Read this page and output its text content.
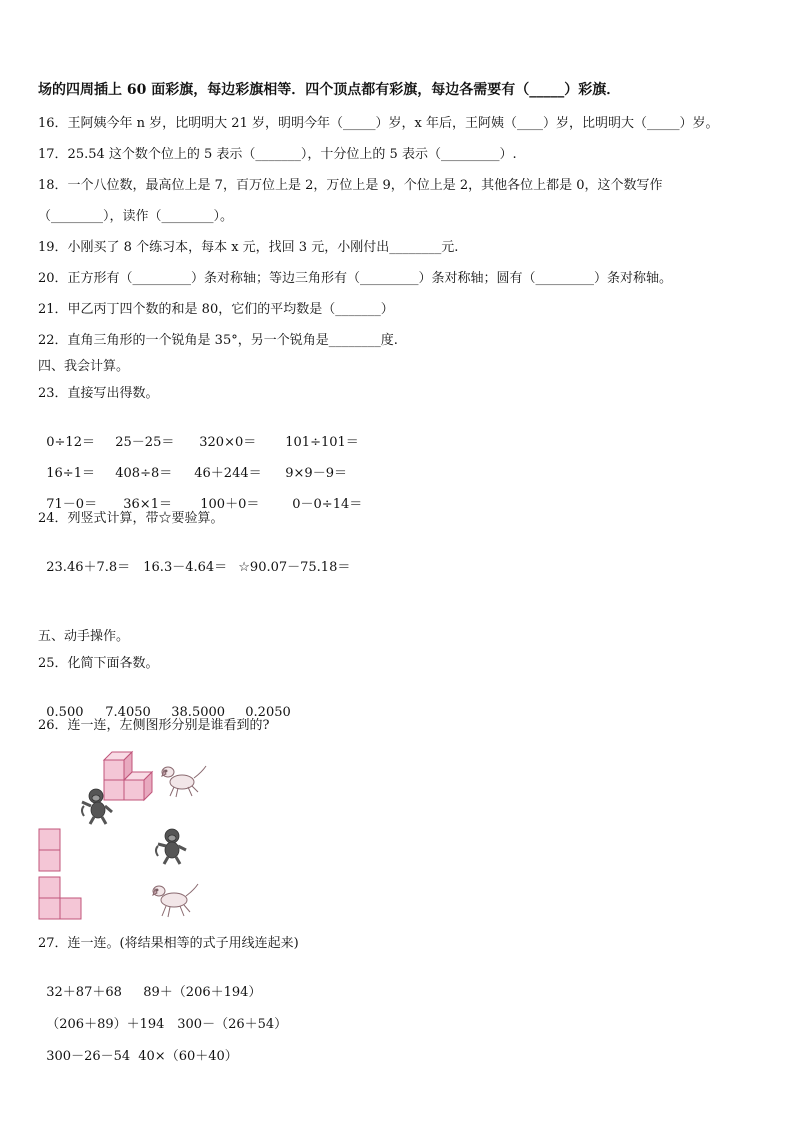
场的四周插上 60 面彩旗，每边彩旗相等．四个顶点都有彩旗，每边各需要有（_____）彩旗．

16．王阿姨今年 n 岁，比明明大 21 岁，明明今年（_____）岁，x 年后，王阿姨（____）岁，比明明大（_____）岁。

17．25.54 这个数个位上的 5 表示（_______），十分位上的 5 表示（_________）.

18．一个八位数，最高位上是 7，百万位上是 2，万位上是 9，个位上是 2，其他各位上都是 0，这个数写作

（________），读作（________）。

19．小刚买了 8 个练习本，每本 x 元，找回 3 元，小刚付出________元.

20．正方形有（_________）条对称轴；等边三角形有（_________）条对称轴；圆有（_________）条对称轴。

21．甲乙丙丁四个数的和是 80，它们的平均数是（_______）

22．直角三角形的一个锐角是 35°，另一个锐角是________度.

四、我会计算。

23．直接写出得数。

0÷12＝ 25－25＝ 320×0＝ 101÷101＝

16÷1＝ 408÷8＝ 46＋244＝ 9×9－9＝

71－0＝ 36×1＝ 100＋0＝	0－0÷14＝

24．列竖式计算，带☆要验算。

23.46＋7.8＝ 16.3－4.64＝ ☆90.07－75.18＝

五、动手操作。

25．化简下面各数。

0.500 7.4050 38.5000 0.2050

26．连一连，左侧图形分别是谁看到的?

27．连一连。(将结果相等的式子用线连起来)

32＋87＋68 89＋（206＋194）

（206＋89）＋194 300－（26＋54）

300－26－54 40×（60＋40）
